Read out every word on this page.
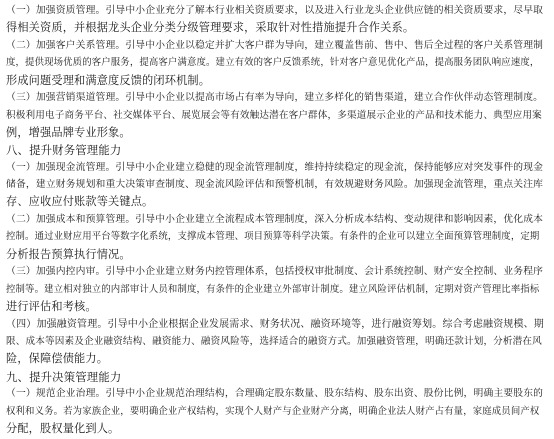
（一）加强资质管理。引导中小企业充分了解本行业相关资质要求，以及进入行业龙头企业供应链的相关资质要求，尽早取
得相关资质，并根据龙头企业分类分级管理要求，采取针对性措施提升合作关系。
（二）加强客户关系管理。引导中小企业以稳定并扩大客户群为导向，建立覆盖售前、售中、售后全过程的客户关系管理制
度，提供现场优质的客户服务，提高客户满意度。建立有效的客户反馈系统，针对客户意见优化产品，提高服务团队响应速度，
形成问题受理和满意度反馈的闭环机制。
（三）加强营销渠道管理。引导中小企业以提高市场占有率为导向，建立多样化的销售渠道，建立合作伙伴动态管理制度。
积极利用电子商务平台、社交媒体平台、展览展会等有效触达潜在客户群体，多渠道展示企业的产品和技术能力、典型应用案
例，增强品牌专业形象。
八、提升财务管理能力
（一）加强现金流管理。引导中小企业建立稳健的现金流管理制度，维持持续稳定的现金流，保持能够应对突发事件的现金
储备，建立财务规划和重大决策审查制度、现金流风险评估和预警机制，有效规避财务风险。加强现金流管理，重点关注库
存、应收应付账款等关键点。
（二）加强成本和预算管理。引导中小企业建立全流程成本管理制度，深入分析成本结构、变动规律和影响因素，优化成本
控制。通过业财应用平台等数字化系统，支撑成本管理、项目预算等科学决策。有条件的企业可以建立全面预算管理制度，定期
分析报告预算执行情况。
（三）加强内控内审。引导中小企业建立财务内控管理体系，包括授权审批制度、会计系统控制、财产安全控制、业务程序
控制等。建立相对独立的内部审计人员和制度，有条件的企业建立外部审计制度。建立风险评估机制，定期对资产管理比率指标
进行评估和考核。
（四）加强融资管理。引导中小企业根据企业发展需求、财务状况、融资环境等，进行融资筹划。综合考虑融资规模、期
限、成本等因素及企业融资结构、融资能力、融资风险等，选择适合的融资方式。加强融资管理，明确还款计划，分析潜在风
险，保障偿债能力。
九、提升决策管理能力
（一）规范企业治理。引导中小企业规范治理结构，合理确定股东数量、股东结构、股东出资、股份比例，明确主要股东的
权利和义务。若为家族企业，要明确企业产权结构，实现个人财产与企业财产分离，明确企业法人财产占有量，家庭成员间产权
分配，股权量化到人。
